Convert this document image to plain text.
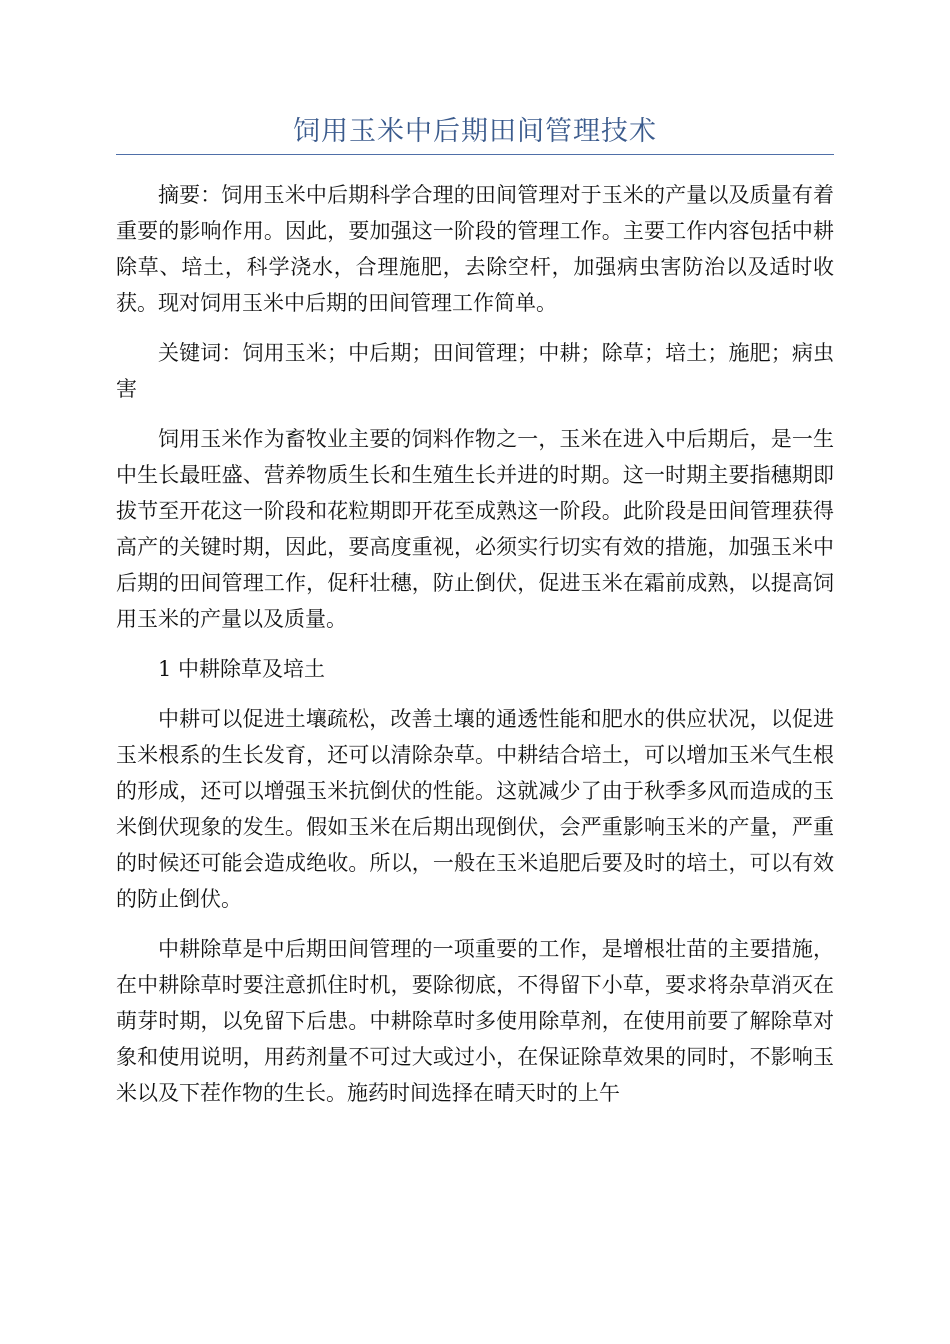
饲用玉米中后期田间管理技术

摘要：饲用玉米中后期科学合理的田间管理对于玉米的产量以及质量有着重要的影响作用。因此，要加强这一阶段的管理工作。主要工作内容包括中耕除草、培土，科学浇水，合理施肥，去除空杆，加强病虫害防治以及适时收获。现对饲用玉米中后期的田间管理工作简单。

关键词：饲用玉米；中后期；田间管理；中耕；除草；培土；施肥；病虫害

饲用玉米作为畜牧业主要的饲料作物之一，玉米在进入中后期后，是一生中生长最旺盛、营养物质生长和生殖生长并进的时期。这一时期主要指穗期即拔节至开花这一阶段和花粒期即开花至成熟这一阶段。此阶段是田间管理获得高产的关键时期，因此，要高度重视，必须实行切实有效的措施，加强玉米中后期的田间管理工作，促秆壮穗，防止倒伏，促进玉米在霜前成熟，以提高饲用玉米的产量以及质量。

1 中耕除草及培土

中耕可以促进土壤疏松，改善土壤的通透性能和肥水的供应状况，以促进玉米根系的生长发育，还可以清除杂草。中耕结合培土，可以增加玉米气生根的形成，还可以增强玉米抗倒伏的性能。这就减少了由于秋季多风而造成的玉米倒伏现象的发生。假如玉米在后期出现倒伏，会严重影响玉米的产量，严重的时候还可能会造成绝收。所以，一般在玉米追肥后要及时的培土，可以有效的防止倒伏。

中耕除草是中后期田间管理的一项重要的工作，是增根壮苗的主要措施，在中耕除草时要注意抓住时机，要除彻底，不得留下小草，要求将杂草消灭在萌芽时期，以免留下后患。中耕除草时多使用除草剂，在使用前要了解除草对象和使用说明，用药剂量不可过大或过小，在保证除草效果的同时，不影响玉米以及下茬作物的生长。施药时间选择在晴天时的上午
